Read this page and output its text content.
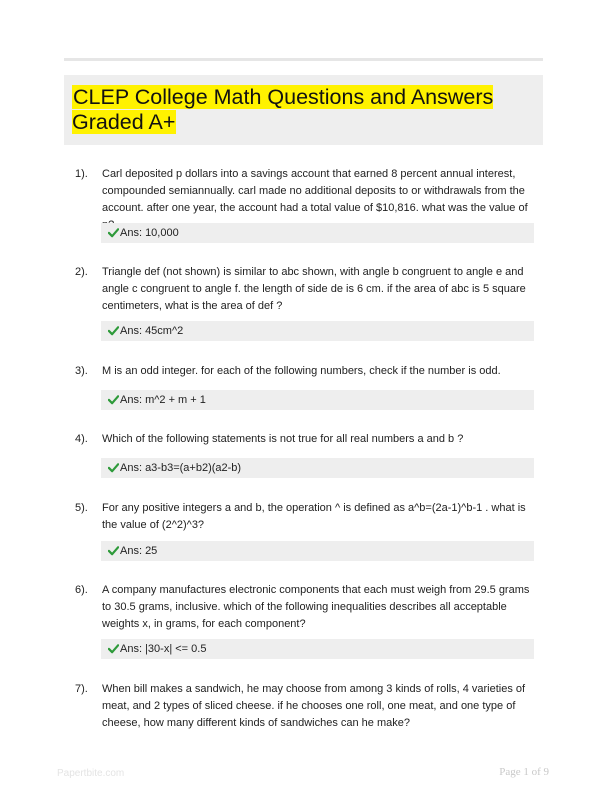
CLEP College Math Questions and Answers Graded A+
1). Carl deposited p dollars into a savings account that earned 8 percent annual interest, compounded semiannually. carl made no additional deposits to or withdrawals from the account. after one year, the account had a total value of $10,816. what was the value of
Ans: 10,000
2). Triangle def (not shown) is similar to abc shown, with angle b congruent to angle e and angle c congruent to angle f. the length of side de is 6 cm. if the area of abc is 5 square centimeters, what is the area of def ?
Ans: 45cm^2
3). M is an odd integer. for each of the following numbers, check if the number is odd.
Ans: m^2 + m + 1
4). Which of the following statements is not true for all real numbers a and b ?
Ans: a3-b3=(a+b2)(a2-b)
5). For any positive integers a and b, the operation ^ is defined as a^b=(2a-1)^b-1 . what is the value of (2^2)^3?
Ans: 25
6). A company manufactures electronic components that each must weigh from 29.5 grams to 30.5 grams, inclusive. which of the following inequalities describes all acceptable weights x, in grams, for each component?
Ans: |30-x| <= 0.5
7). When bill makes a sandwich, he may choose from among 3 kinds of rolls, 4 varieties of meat, and 2 types of sliced cheese. if he chooses one roll, one meat, and one type of cheese, how many different kinds of sandwiches can he make?
Papertbite.com	Page 1 of 9
